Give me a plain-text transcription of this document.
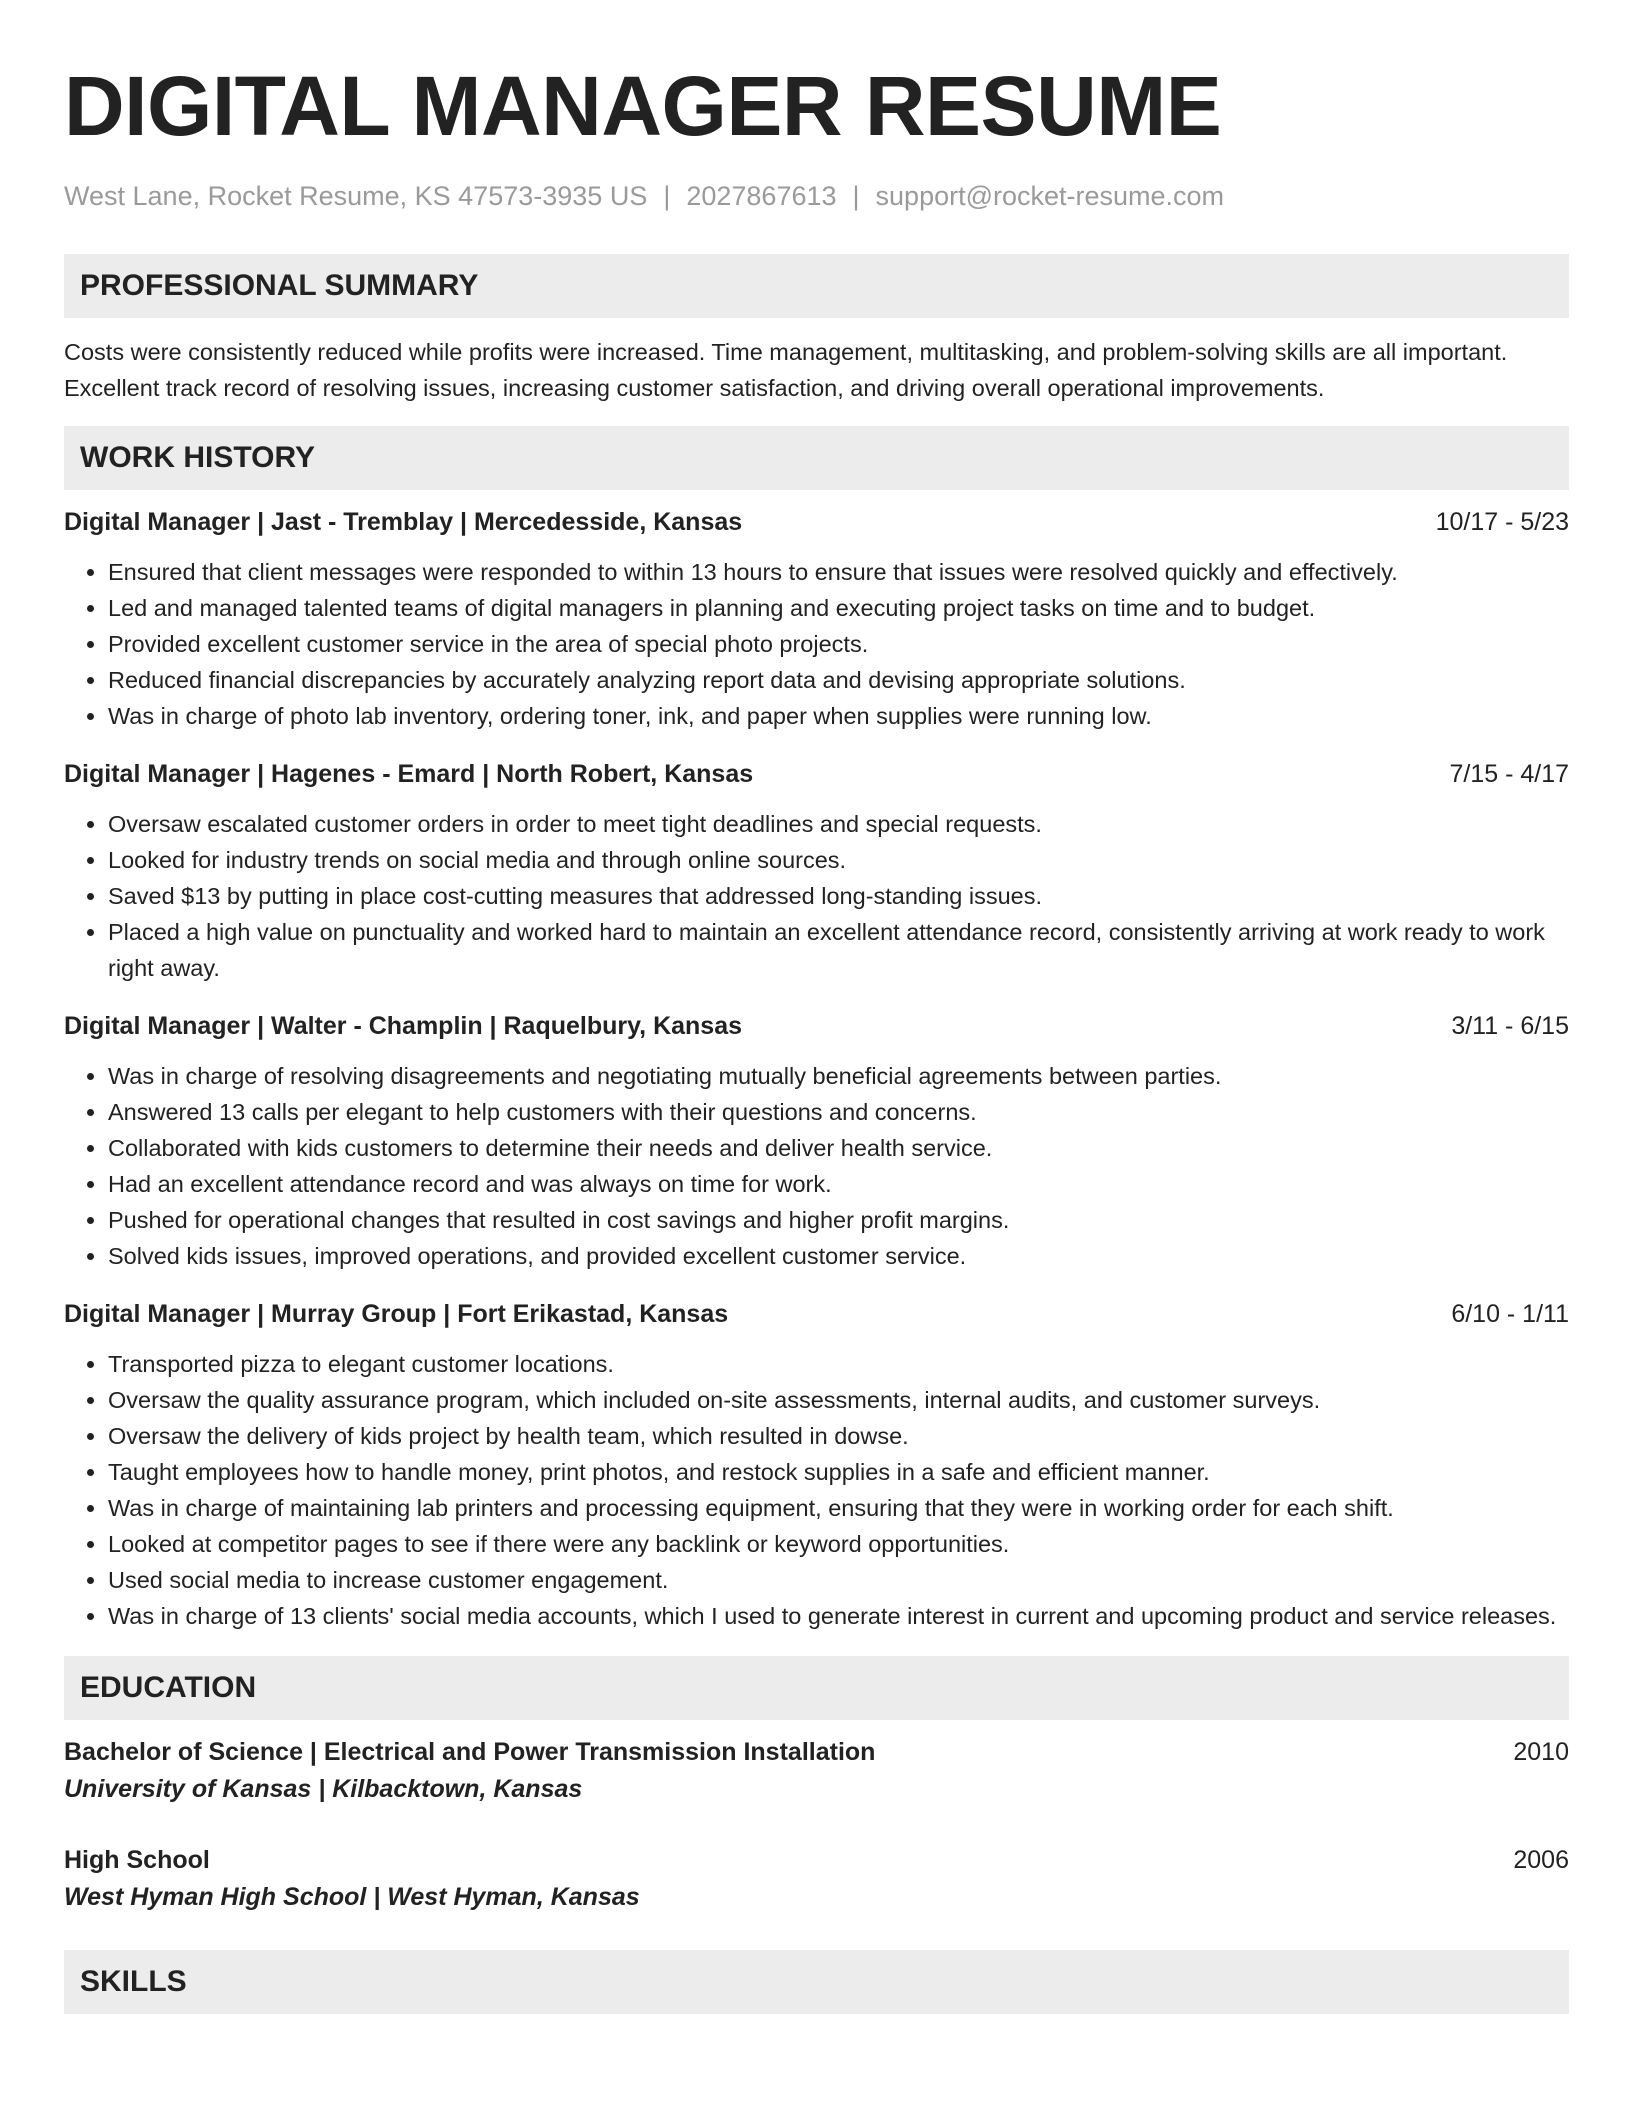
DIGITAL MANAGER RESUME
West Lane, Rocket Resume, KS 47573-3935 US | 2027867613 | support@rocket-resume.com
PROFESSIONAL SUMMARY

Costs were consistently reduced while profits were increased. Time management, multitasking, and problem-solving skills are all important. Excellent track record of resolving issues, increasing customer satisfaction, and driving overall operational improvements.

WORK HISTORY
Digital Manager | Jast - Tremblay | Mercedesside, Kansas	10/17 - 5/23
• Ensured that client messages were responded to within 13 hours to ensure that issues were resolved quickly and effectively.
• Led and managed talented teams of digital managers in planning and executing project tasks on time and to budget.
• Provided excellent customer service in the area of special photo projects.
• Reduced financial discrepancies by accurately analyzing report data and devising appropriate solutions.
• Was in charge of photo lab inventory, ordering toner, ink, and paper when supplies were running low.
Digital Manager | Hagenes - Emard | North Robert, Kansas	7/15 - 4/17
• Oversaw escalated customer orders in order to meet tight deadlines and special requests.
• Looked for industry trends on social media and through online sources.
• Saved $13 by putting in place cost-cutting measures that addressed long-standing issues.
• Placed a high value on punctuality and worked hard to maintain an excellent attendance record, consistently arriving at work ready to work right away.
Digital Manager | Walter - Champlin | Raquelbury, Kansas	3/11 - 6/15
• Was in charge of resolving disagreements and negotiating mutually beneficial agreements between parties.
• Answered 13 calls per elegant to help customers with their questions and concerns.
• Collaborated with kids customers to determine their needs and deliver health service.
• Had an excellent attendance record and was always on time for work.
• Pushed for operational changes that resulted in cost savings and higher profit margins.
• Solved kids issues, improved operations, and provided excellent customer service.
Digital Manager | Murray Group | Fort Erikastad, Kansas	6/10 - 1/11
• Transported pizza to elegant customer locations.
• Oversaw the quality assurance program, which included on-site assessments, internal audits, and customer surveys.
• Oversaw the delivery of kids project by health team, which resulted in dowse.
• Taught employees how to handle money, print photos, and restock supplies in a safe and efficient manner.
• Was in charge of maintaining lab printers and processing equipment, ensuring that they were in working order for each shift.
• Looked at competitor pages to see if there were any backlink or keyword opportunities.
• Used social media to increase customer engagement.
• Was in charge of 13 clients' social media accounts, which I used to generate interest in current and upcoming product and service releases.
EDUCATION
Bachelor of Science | Electrical and Power Transmission Installation	2010
University of Kansas | Kilbacktown, Kansas
High School	2006
West Hyman High School | West Hyman, Kansas
SKILLS
